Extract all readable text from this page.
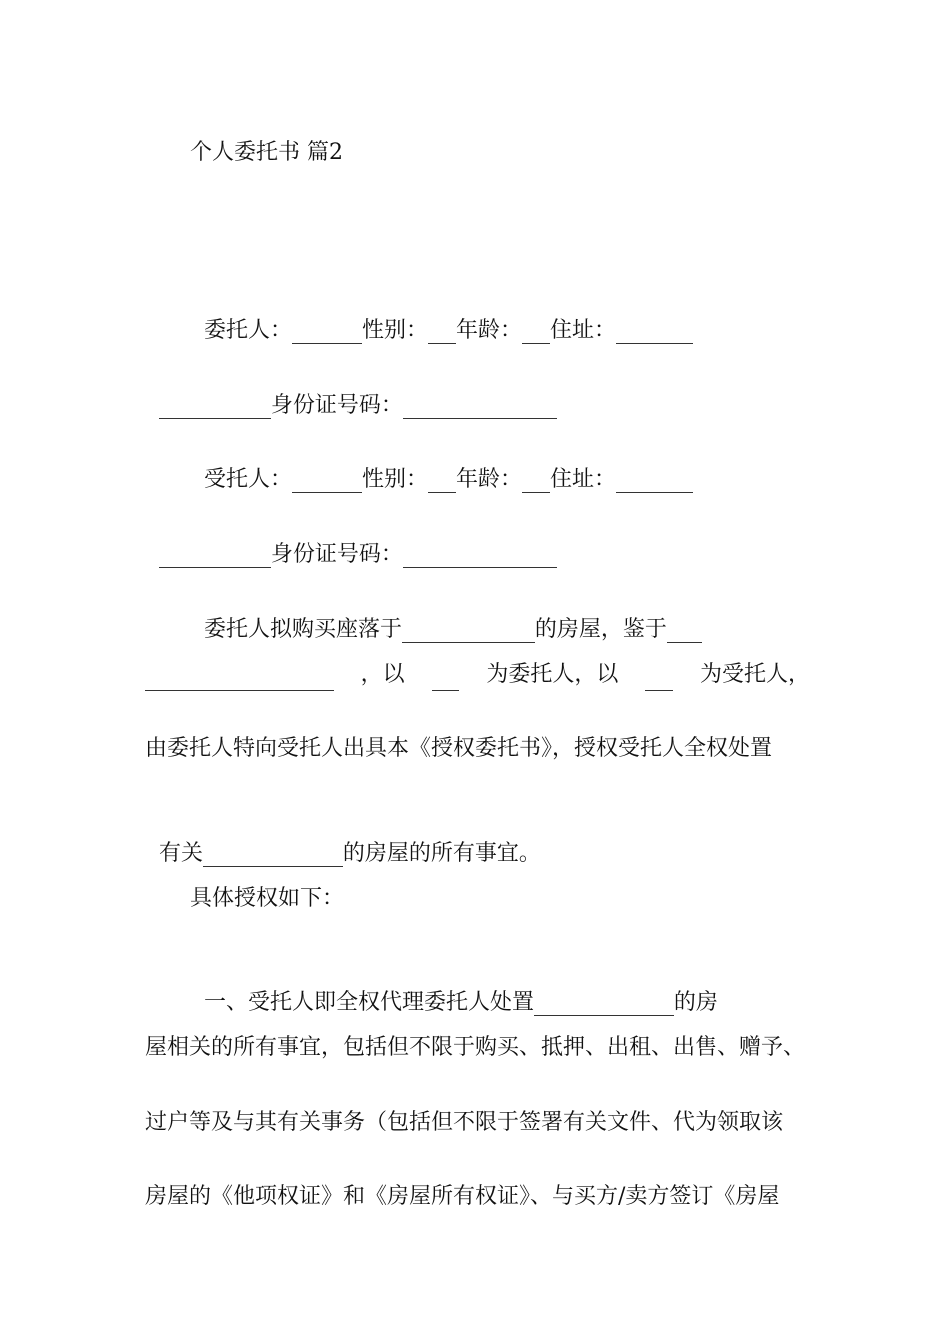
个人委托书 篇2

委托人：	性别： 年龄： 住址：

身份证号码：

受托人：	性别： 年龄： 住址：

身份证号码：

委托人拟购买座落于	的房屋，鉴于

，以
	为委托人，以
	为受托人，
由委托人特向受托人出具本《授权委托书》，授权受托人全权处置

有关	的房屋的所有事宜。

具体授权如下：

一、受托人即全权代理委托人处置	的房

屋相关的所有事宜，包括但不限于购买、抵押、出租、出售、赠予、
过户等及与其有关事务（包括但不限于签署有关文件、代为领取该
房屋的《他项权证》和《房屋所有权证》、与买方/卖方签订《房屋
